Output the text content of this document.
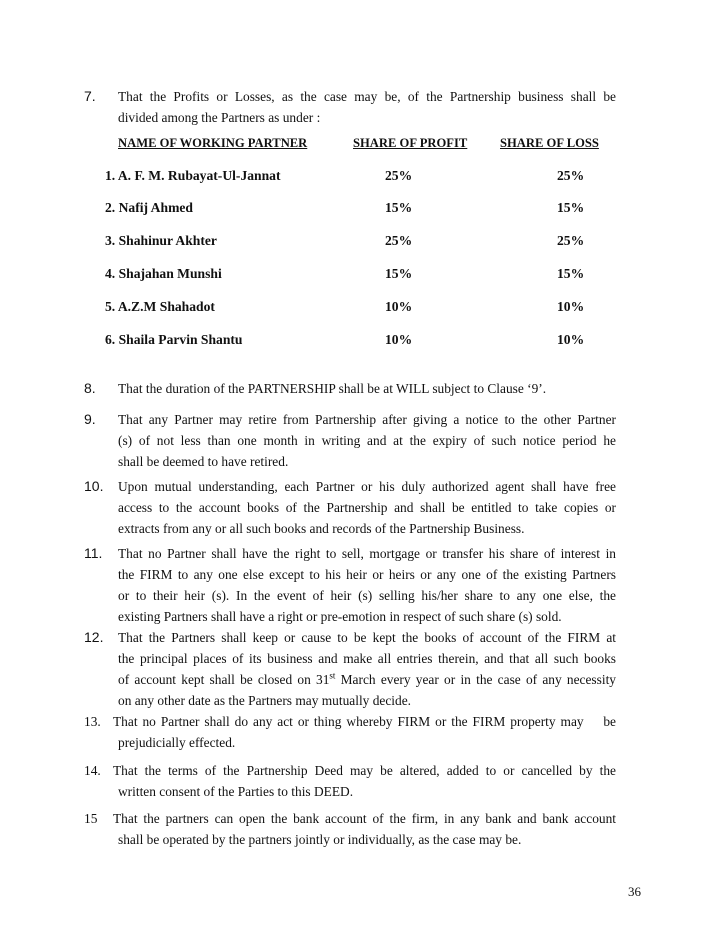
7. That the Profits or Losses, as the case may be, of the Partnership business shall be
divided among the Partners as under :
NAME OF WORKING PARTNER	SHARE OF PROFIT	SHARE OF LOSS
1. A. F. M. Rubayat-Ul-Jannat	25%	25%
2. Nafij Ahmed	15%	15%
3. Shahinur Akhter	25%	25%
4. Shajahan Munshi	15%	15%
5. A.Z.M Shahadot	10%	10%
6. Shaila Parvin Shantu	10%	10%
8. That the duration of the PARTNERSHIP shall be at WILL subject to Clause ‘9’.
9. That any Partner may retire from Partnership after giving a notice to the other Partner
(s) of not less than one month in writing and at the expiry of such notice period he
shall be deemed to have retired.
10. Upon mutual understanding, each Partner or his duly authorized agent shall have free
access to the account books of the Partnership and shall be entitled to take copies or
extracts from any or all such books and records of the Partnership Business.
11. That no Partner shall have the right to sell, mortgage or transfer his share of interest in
the FIRM to any one else except to his heir or heirs or any one of the existing Partners
or to their heir (s). In the event of heir (s) selling his/her share to any one else, the
existing Partners shall have a right or pre-emotion in respect of such share (s) sold.
12. That the Partners shall keep or cause to be kept the books of account of the FIRM at
the principal places of its business and make all entries therein, and that all such books
of account kept shall be closed on 31st March every year or in the case of any necessity
on any other date as the Partners may mutually decide.
13. That no Partner shall do any act or thing whereby FIRM or the FIRM property may    be
prejudicially effected.
14. That the terms of the Partnership Deed may be altered, added to or cancelled by the
written consent of the Parties to this DEED.
15 That the partners can open the bank account of the firm, in any bank and bank account
shall be operated by the partners jointly or individually, as the case may be.
36
